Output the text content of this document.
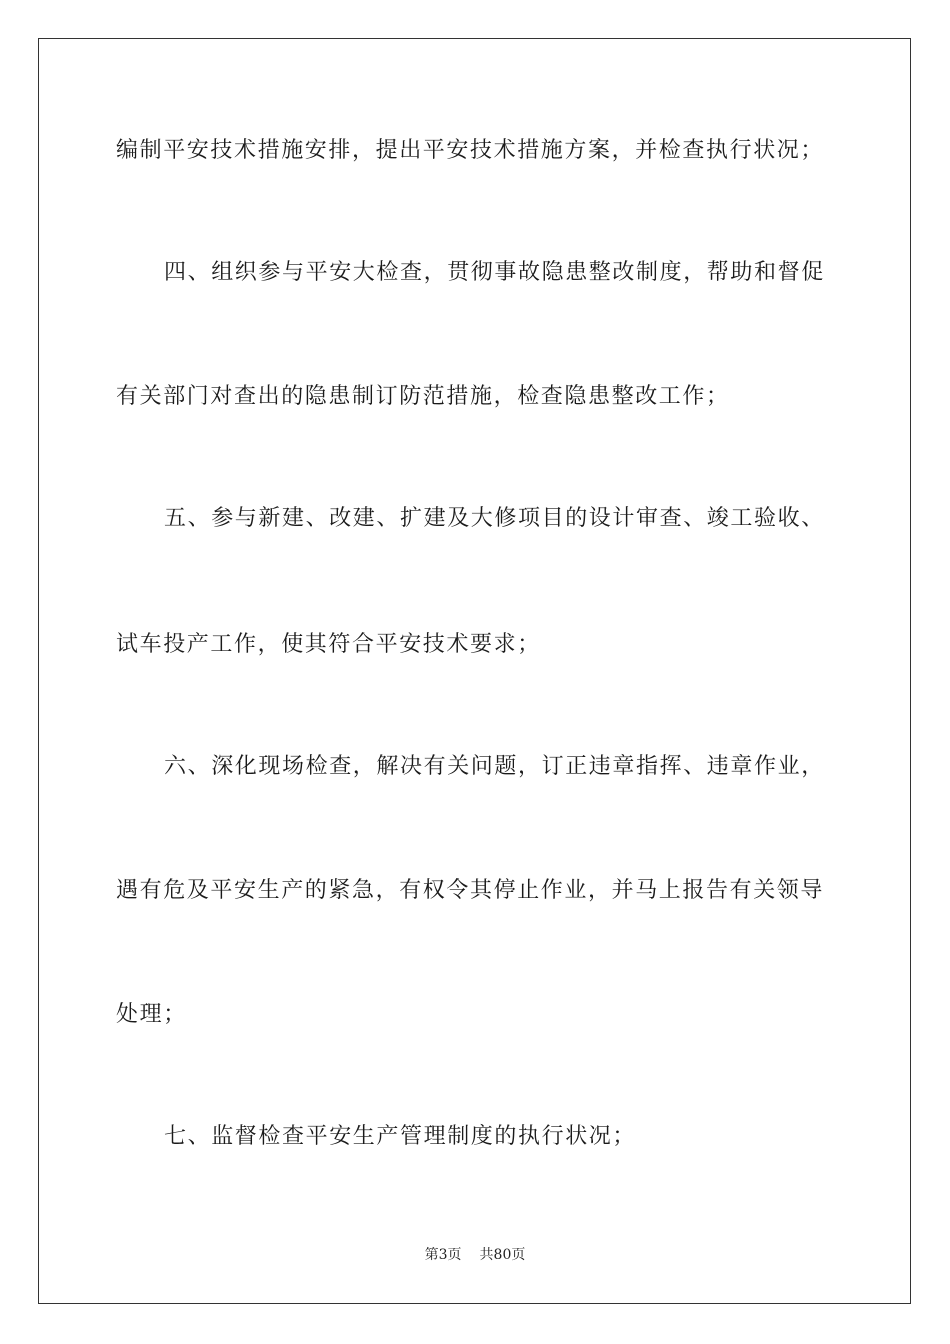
编制平安技术措施安排，提出平安技术措施方案，并检查执行状况；

四、组织参与平安大检查，贯彻事故隐患整改制度，帮助和督促

有关部门对查出的隐患制订防范措施，检查隐患整改工作；

五、参与新建、改建、扩建及大修项目的设计审查、竣工验收、

试车投产工作，使其符合平安技术要求；

六、深化现场检查，解决有关问题，订正违章指挥、违章作业，

遇有危及平安生产的紧急，有权令其停止作业，并马上报告有关领导

处理；

七、监督检查平安生产管理制度的执行状况；

第3页 共80页
